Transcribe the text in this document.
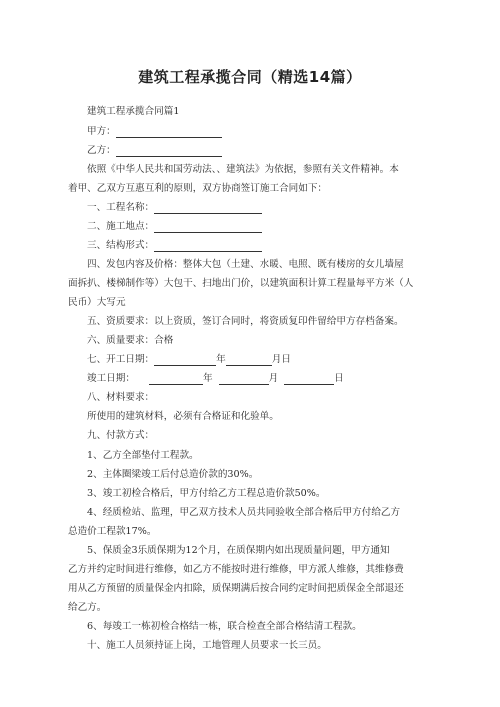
建筑工程承揽合同（精选14篇）
建筑工程承揽合同篇1
甲方：
乙方：
依照《中华人民共和国劳动法、、建筑法》为依据，参照有关文件精神。本
着甲、乙双方互惠互利的原则，双方协商签订施工合同如下：
一、工程名称：
二、施工地点：
三、结构形式：
四、发包内容及价格：整体大包（土建、水暖、电照、既有楼房的女儿墙屋
面拆扒、楼梯制作等）大包干、扫地出门价，以建筑面积计算工程量每平方米（人
民币）大写元
五、资质要求：以上资质，签订合同时，将资质复印件留给甲方存档备案。
六、质量要求：合格
七、开工日期：	年	月日
竣工日期：	年	月	日
八、材料要求：
所使用的建筑材料，必须有合格证和化验单。
九、付款方式：
1、乙方全部垫付工程款。
2、主体圈梁竣工后付总造价款的30%。
3、竣工初检合格后，甲方付给乙方工程总造价款50%。
4、经质检站、监理，甲乙双方技术人员共同验收全部合格后甲方付给乙方
总造价工程款17%。
5、保质金3乐质保期为12个月，在质保期内如出现质量问题，甲方通知
乙方并约定时间进行维修，如乙方不能按时进行维修，甲方派人维修，其维修费
用从乙方预留的质量保金内扣除，质保期满后按合同约定时间把质保金全部退还
给乙方。
6、每竣工一栋初检合格结一栋，联合检查全部合格结清工程款。
十、施工人员须持证上岗，工地管理人员要求一长三员。
